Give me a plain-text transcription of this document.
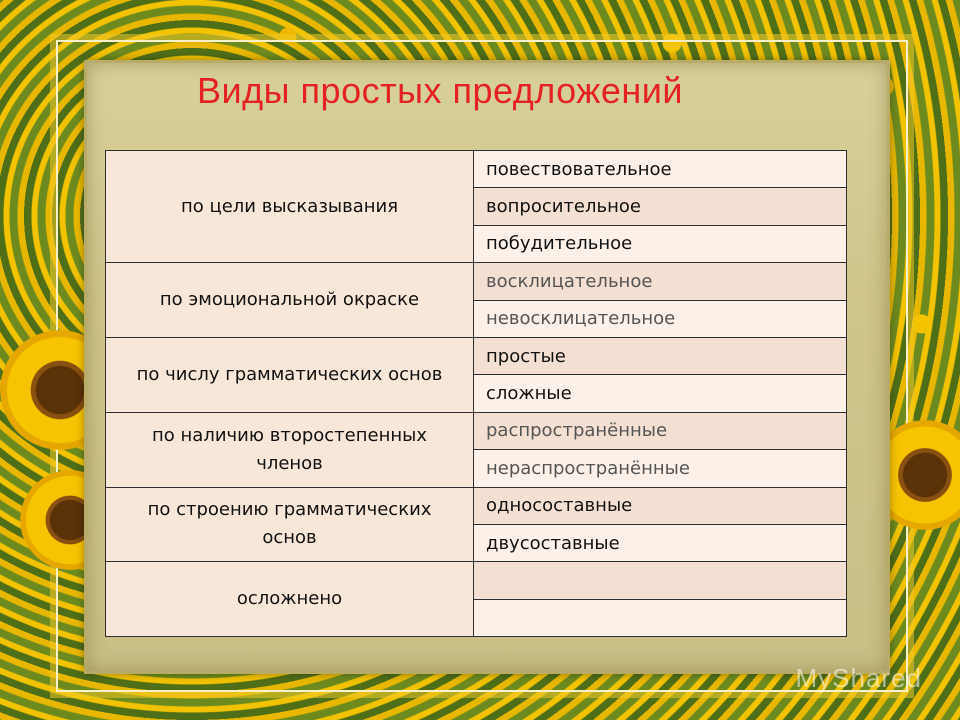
Виды простых предложений
по цели высказывания	повествовательное
	вопросительное
	побудительное
по эмоциональной окраске	восклицательное
	невосклицательное
по числу грамматических основ	простые
	сложные
по наличию второстепенных членов	распространённые
	нераспространённые
по строению грамматических основ	односоставные
	двусоставные
осложнено	

MyShared
